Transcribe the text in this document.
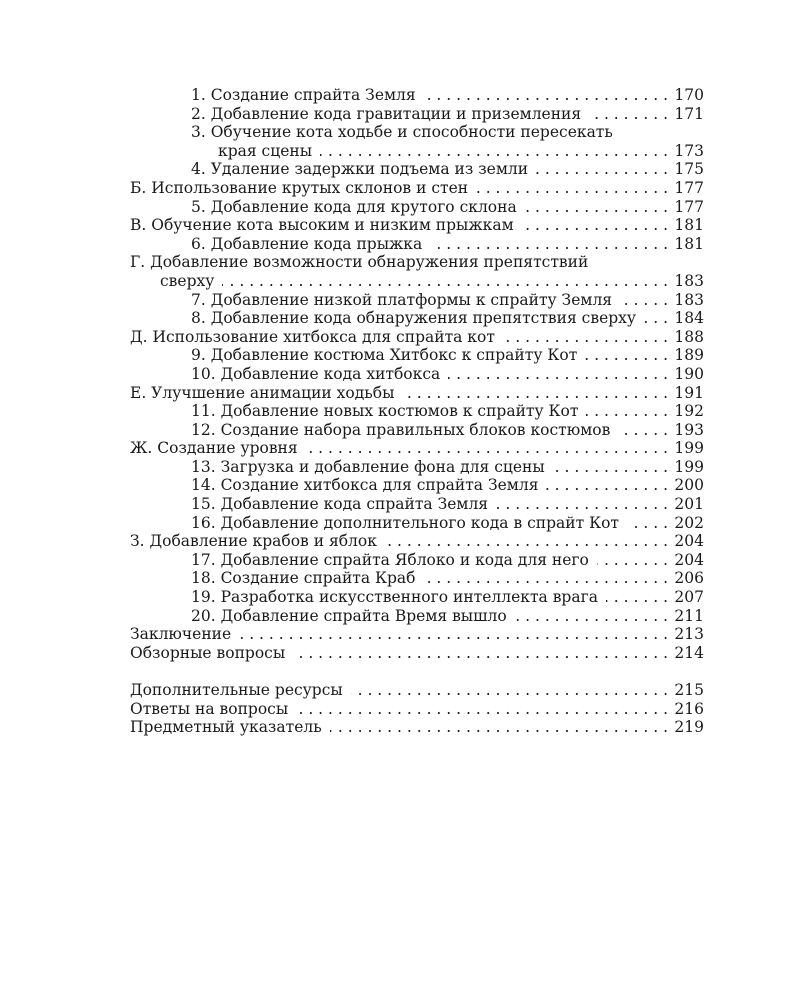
1. Создание спрайта Земля . . .	170
2. Добавление кода гравитации и приземления . . .	171
3. Обучение кота ходьбе и способности пересекать
края сцены . . .	173
4. Удаление задержки подъема из земли . . .	175
Б. Использование крутых склонов и стен . . .	177
5. Добавление кода для крутого склона . . .	177
В. Обучение кота высоким и низким прыжкам . . .	181
6. Добавление кода прыжка . . .	181
Г. Добавление возможности обнаружения препятствий
сверху . . .	183
7. Добавление низкой платформы к спрайту Земля . . .	183
8. Добавление кода обнаружения препятствия сверху . . . 184
Д. Использование хитбокса для спрайта кот . . .	188
9. Добавление костюма Хитбокс к спрайту Кот . . .	189
10. Добавление кода хитбокса . . .	190
Е. Улучшение анимации ходьбы . . .	191
11. Добавление новых костюмов к спрайту Кот . . .	192
12. Создание набора правильных блоков костюмов . . .	193
Ж. Создание уровня . . .	199
13. Загрузка и добавление фона для сцены . . .	199
14. Создание хитбокса для спрайта Земля . . .	200
15. Добавление кода спрайта Земля . . .	201
16. Добавление дополнительного кода в спрайт Кот . . .	202
З. Добавление крабов и яблок . . .	204
17. Добавление спрайта Яблоко и кода для него . . .	204
18. Создание спрайта Краб . . .	206
19. Разработка искусственного интеллекта врага . . .	207
20. Добавление спрайта Время вышло . . .	211
Заключение . . .	213
Обзорные вопросы . . .	214
Дополнительные ресурсы . . .	215
Ответы на вопросы . . .	216
Предметный указатель . . .	219
